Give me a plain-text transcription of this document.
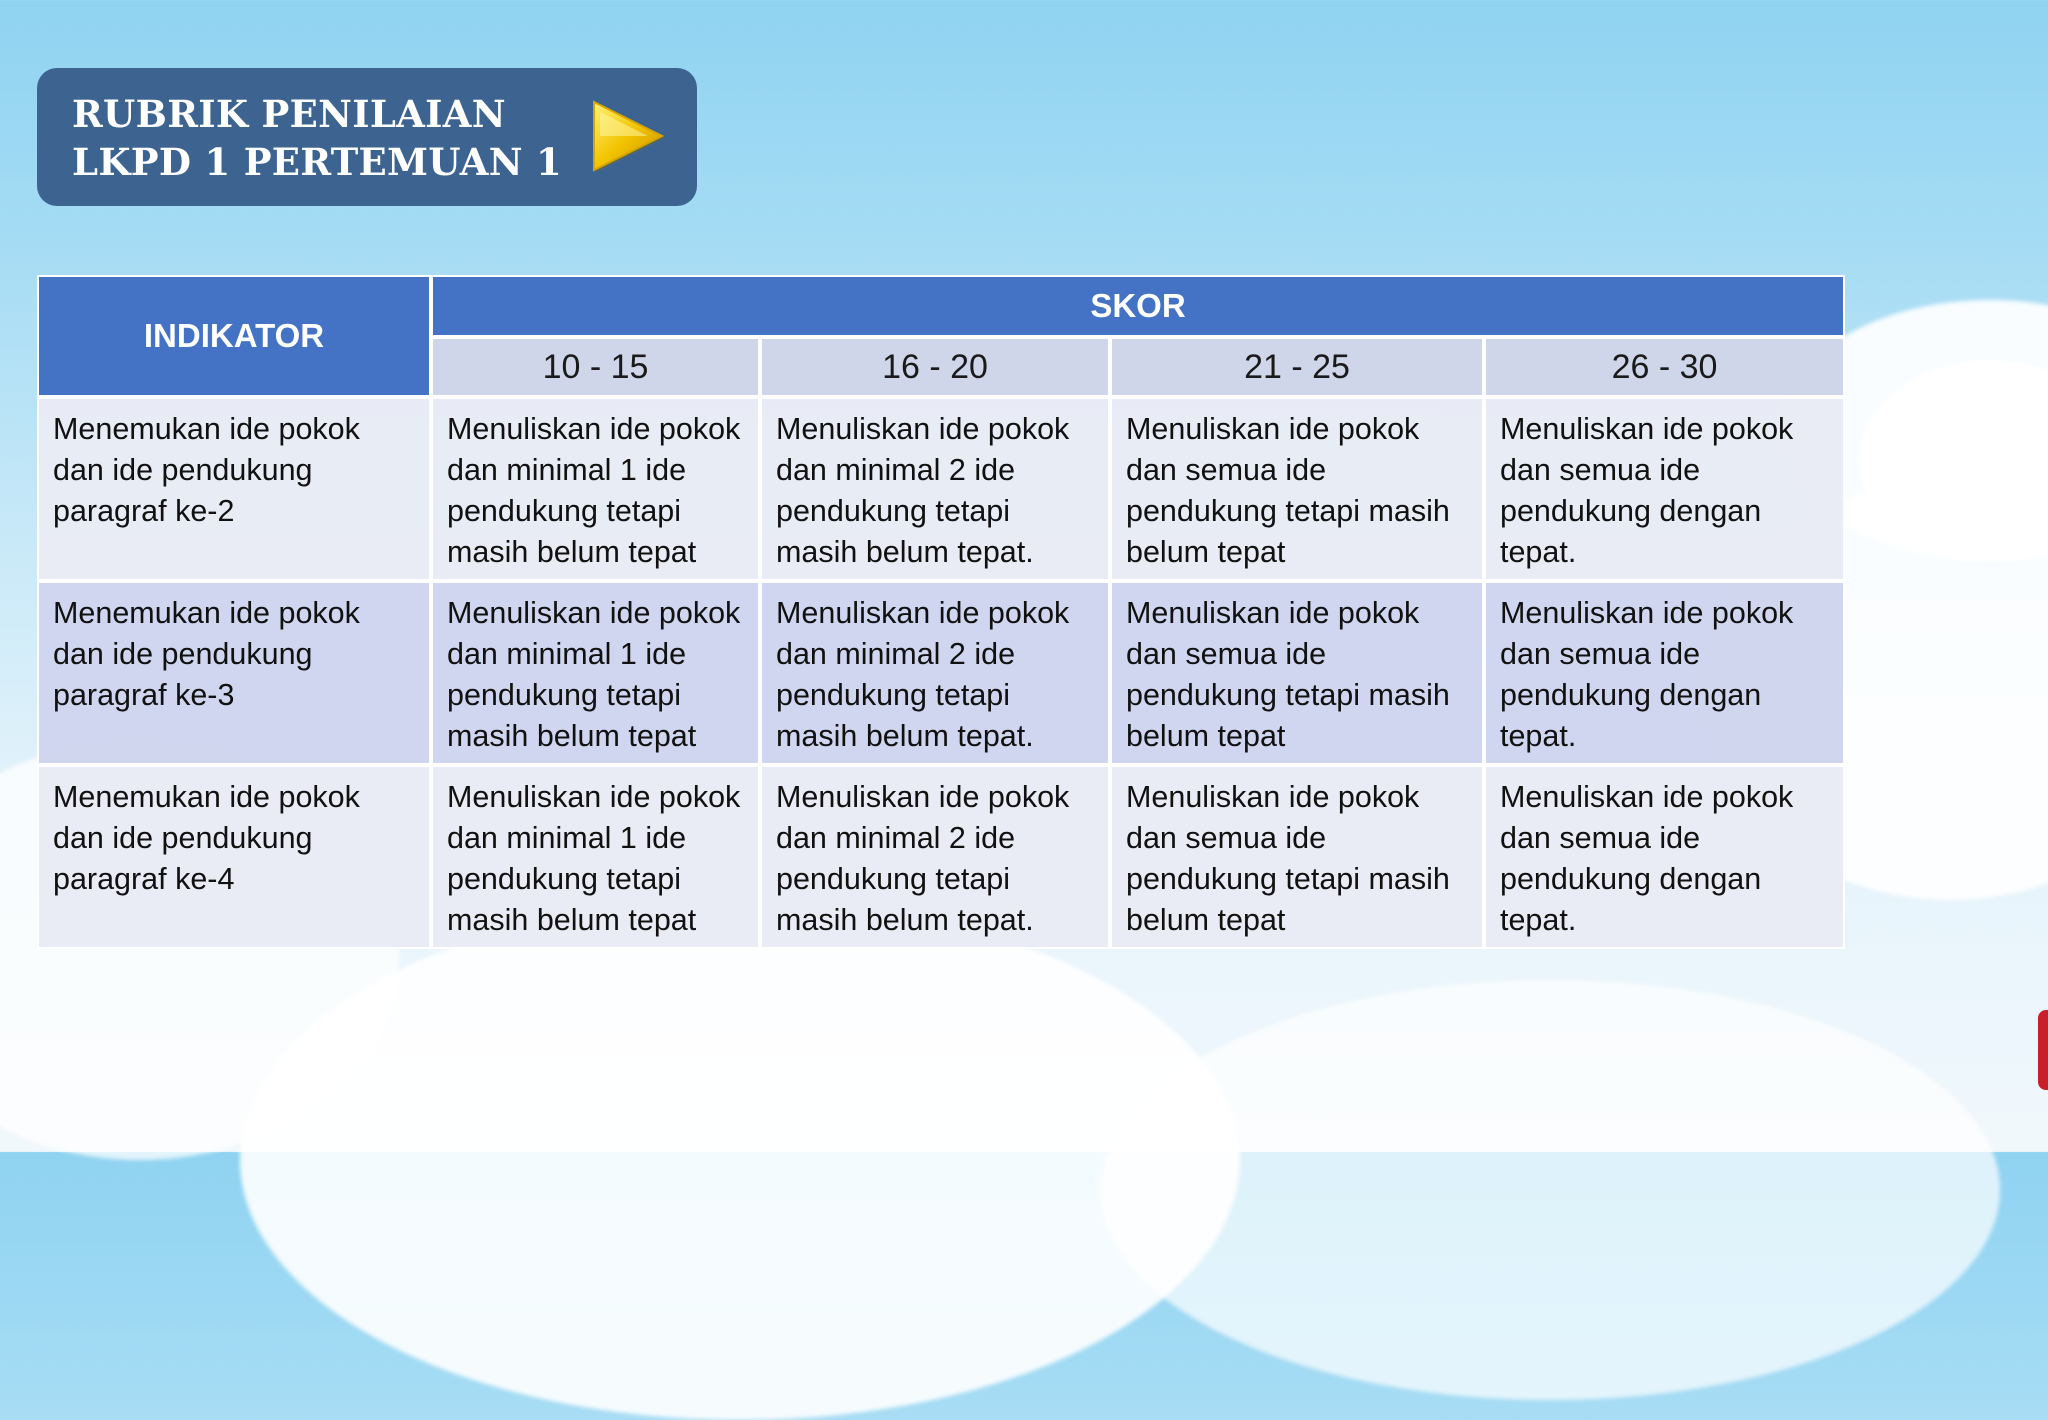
RUBRIK PENILAIAN
LKPD 1 PERTEMUAN 1
INDIKATOR	SKOR			
	10 - 15	16 - 20	21 - 25	26 - 30
Menemukan ide pokok dan ide pendukung paragraf ke-2	Menuliskan ide pokok dan minimal 1 ide pendukung tetapi masih belum tepat	Menuliskan ide pokok dan minimal 2 ide pendukung tetapi masih belum tepat.	Menuliskan ide pokok dan semua ide pendukung tetapi masih belum tepat	Menuliskan ide pokok dan semua ide pendukung dengan tepat.
Menemukan ide pokok dan ide pendukung paragraf ke-3	Menuliskan ide pokok dan minimal 1 ide pendukung tetapi masih belum tepat	Menuliskan ide pokok dan minimal 2 ide pendukung tetapi masih belum tepat.	Menuliskan ide pokok dan semua ide pendukung tetapi masih belum tepat	Menuliskan ide pokok dan semua ide pendukung dengan tepat.
Menemukan ide pokok dan ide pendukung paragraf ke-4	Menuliskan ide pokok dan minimal 1 ide pendukung tetapi masih belum tepat	Menuliskan ide pokok dan minimal 2 ide pendukung tetapi masih belum tepat.	Menuliskan ide pokok dan semua ide pendukung tetapi masih belum tepat	Menuliskan ide pokok dan semua ide pendukung dengan tepat.
